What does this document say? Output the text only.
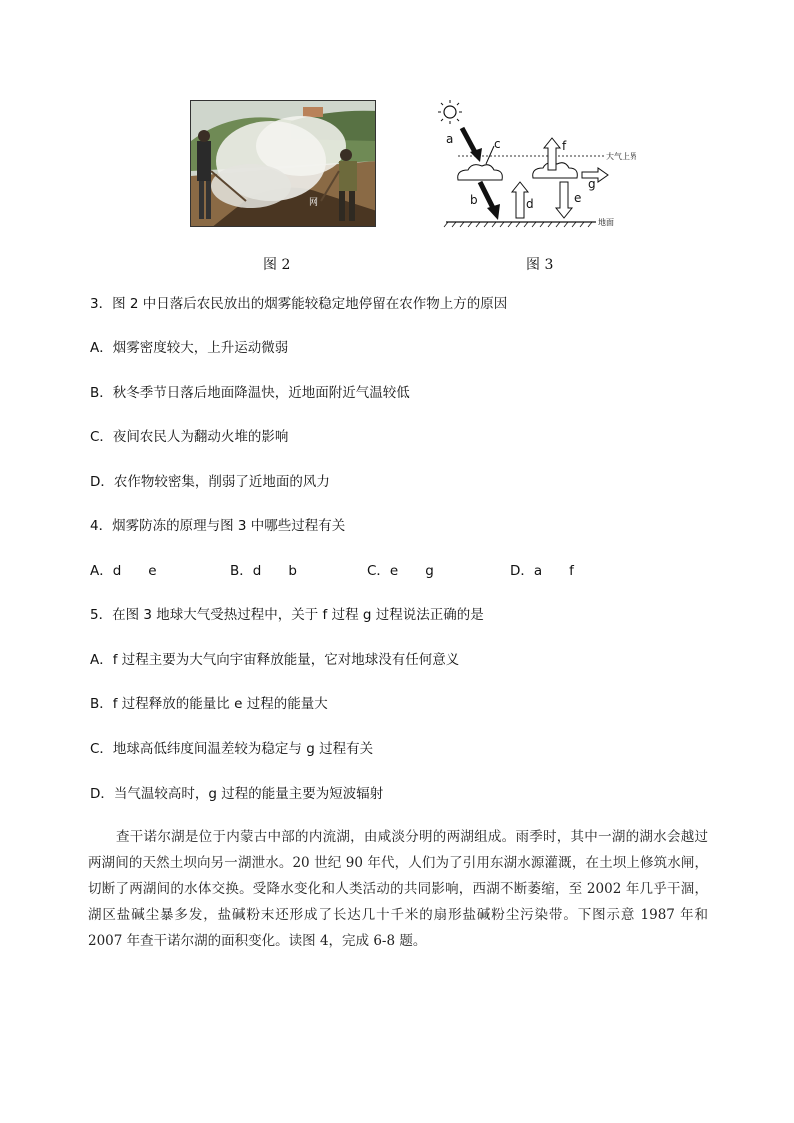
网
大气上界
地面
a	c
b	d
f
e
g
图 2	图 3
3．图 2 中日落后农民放出的烟雾能较稳定地停留在农作物上方的原因
A．烟雾密度较大，上升运动微弱
B．秋冬季节日落后地面降温快，近地面附近气温较低
C．夜间农民人为翻动火堆的影响
D．农作物较密集，削弱了近地面的风力
4．烟雾防冻的原理与图 3 中哪些过程有关
A．d　　e	B．d　　b	C．e　　g	D．a　　f
5．在图 3 地球大气受热过程中，关于 f 过程 g 过程说法正确的是
A．f 过程主要为大气向宇宙释放能量，它对地球没有任何意义
B．f 过程释放的能量比 e 过程的能量大
C．地球高低纬度间温差较为稳定与 g 过程有关
D．当气温较高时，g 过程的能量主要为短波辐射

查干诺尔湖是位于内蒙古中部的内流湖，由咸淡分明的两湖组成。雨季时，其中一湖的湖水会越过两湖间的天然土坝向另一湖泄水。20 世纪 90 年代，人们为了引用东湖水源灌溉，在土坝上修筑水闸，切断了两湖间的水体交换。受降水变化和人类活动的共同影响，西湖不断萎缩，至 2002 年几乎干涸，湖区盐碱尘暴多发，盐碱粉末还形成了长达几十千米的扇形盐碱粉尘污染带。下图示意 1987 年和 2007 年查干诺尔湖的面积变化。读图 4，完成 6-8 题。
